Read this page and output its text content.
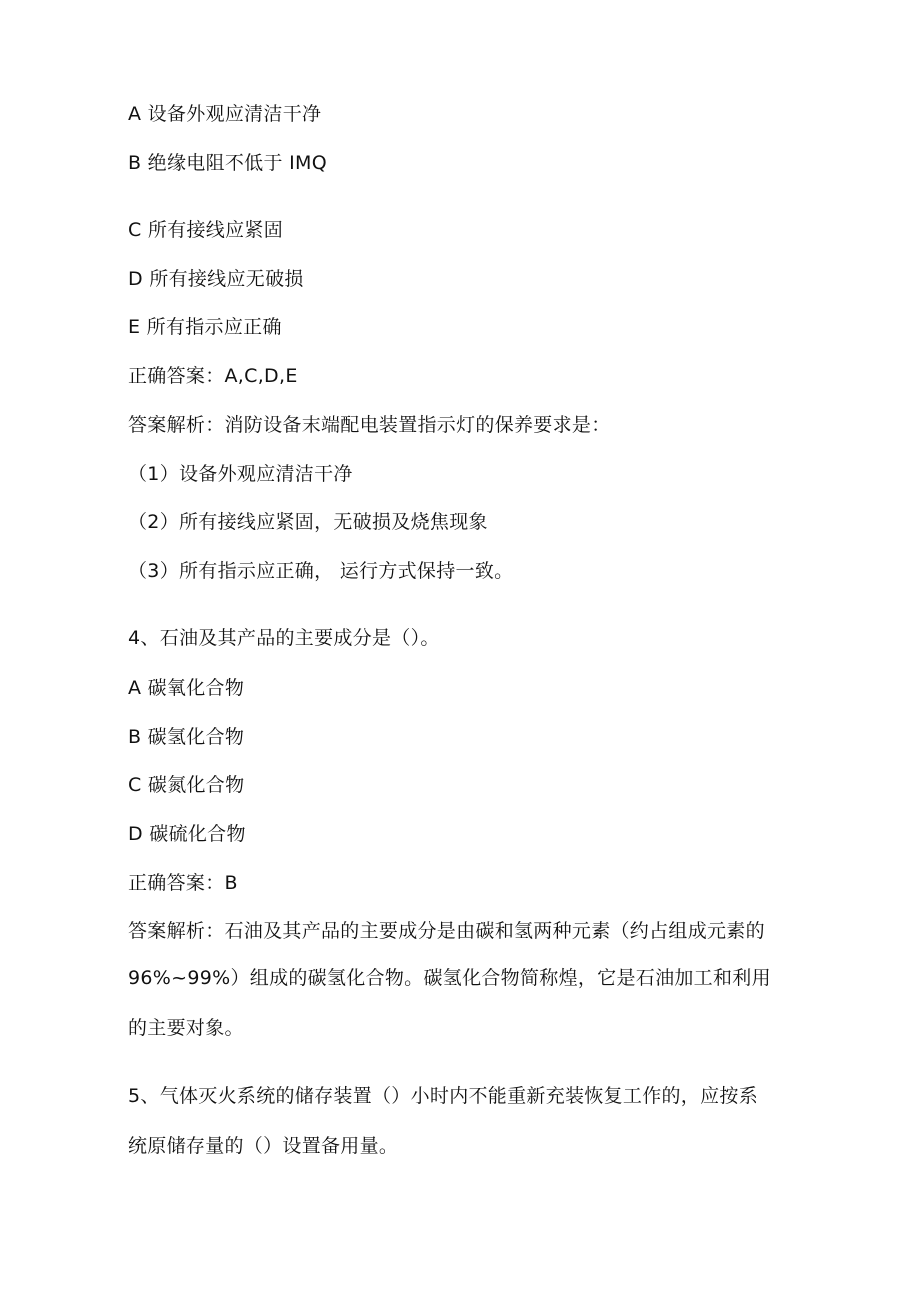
A 设备外观应清洁干净
B 绝缘电阻不低于 IMQ
C 所有接线应紧固
D 所有接线应无破损
E 所有指示应正确
正确答案：A,C,D,E
答案解析：消防设备末端配电装置指示灯的保养要求是：
（1）设备外观应清洁干净
（2）所有接线应紧固，无破损及烧焦现象
（3）所有指示应正确， 运行方式保持一致。
4、石油及其产品的主要成分是（）。
A 碳氧化合物
B 碳氢化合物
C 碳氮化合物
D 碳硫化合物
正确答案：B
答案解析：石油及其产品的主要成分是由碳和氢两种元素（约占组成元素的
96%~99%）组成的碳氢化合物。碳氢化合物简称煌，它是石油加工和利用
的主要对象。
5、气体灭火系统的储存装置（）小时内不能重新充装恢复工作的，应按系
统原储存量的（）设置备用量。
